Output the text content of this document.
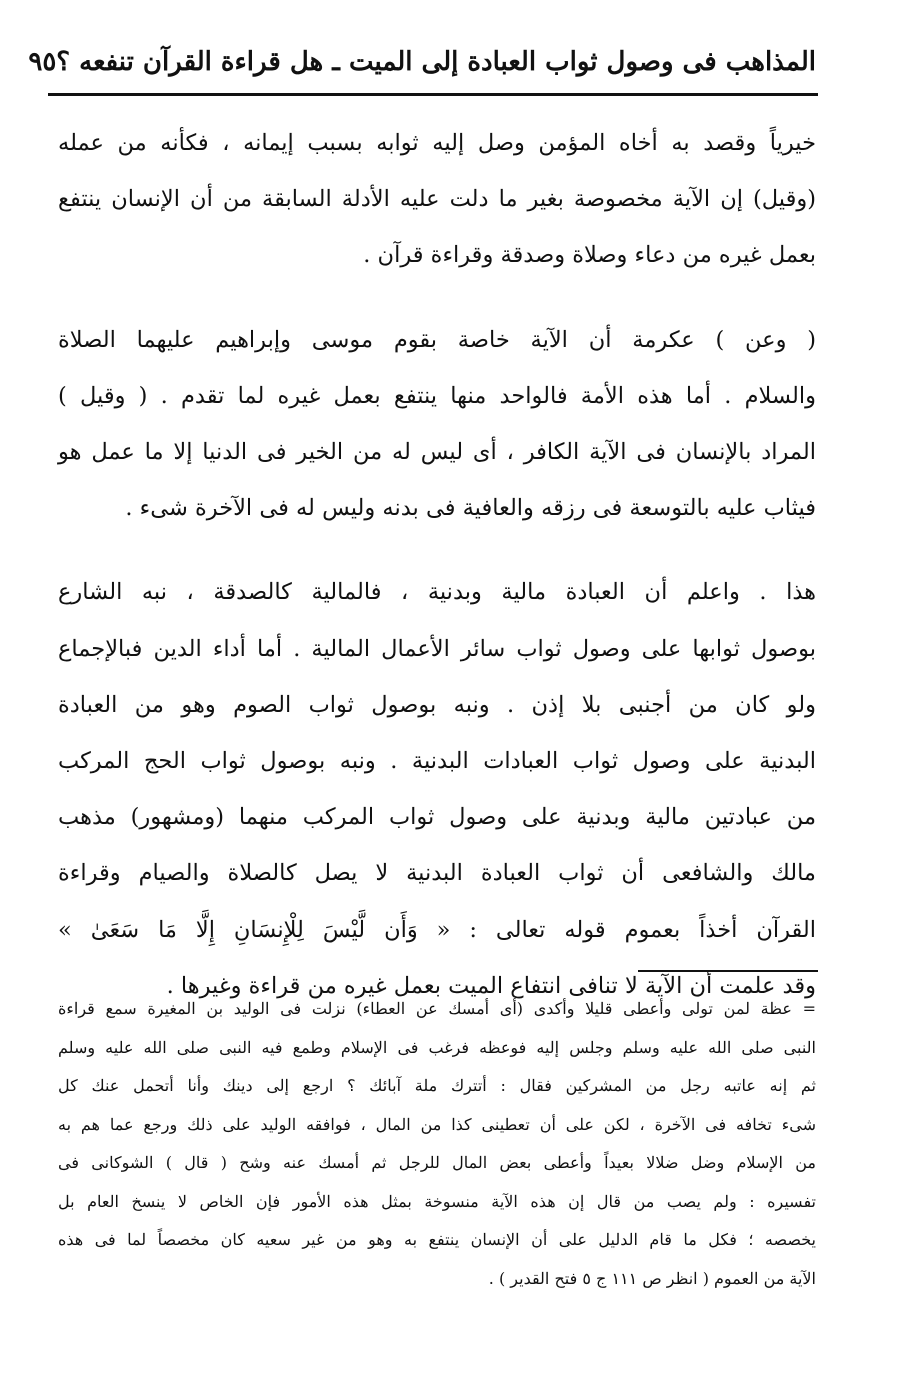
المذاهب فى وصول ثواب العبادة إلى الميت ـ هل قراءة القرآن تنفعه ؟
٩٥
خيرياً وقصد به أخاه المؤمن وصل إليه ثوابه بسبب إيمانه ، فكأنه من عمله
(وقيل) إن الآية مخصوصة بغير ما دلت عليه الأدلة السابقة من أن الإنسان ينتفع
بعمل غيره من دعاء وصلاة وصدقة وقراءة قرآن .
( وعن ) عكرمة أن الآية خاصة بقوم موسى وإبراهيم عليهما الصلاة
والسلام . أما هذه الأمة فالواحد منها ينتفع بعمل غيره لما تقدم . ( وقيل )
المراد بالإنسان فى الآية الكافر ، أى ليس له من الخير فى الدنيا إلا ما عمل هو
فيثاب عليه بالتوسعة فى رزقه والعافية فى بدنه وليس له فى الآخرة شىء .
هذا . واعلم أن العبادة مالية وبدنية ، فالمالية كالصدقة ، نبه الشارع
بوصول ثوابها على وصول ثواب سائر الأعمال المالية . أما أداء الدين فبالإجماع
ولو كان من أجنبى بلا إذن . ونبه بوصول ثواب الصوم وهو من العبادة
البدنية على وصول ثواب العبادات البدنية . ونبه بوصول ثواب الحج المركب
من عبادتين مالية وبدنية على وصول ثواب المركب منهما (ومشهور) مذهب
مالك والشافعى أن ثواب العبادة البدنية لا يصل كالصلاة والصيام وقراءة
القرآن أخذاً بعموم قوله تعالى : « وَأَن لَّيْسَ لِلْإِنسَانِ إِلَّا مَا سَعَىٰ »
وقد علمت أن الآية لا تنافى انتفاع الميت بعمل غيره من قراءة وغيرها .
= عظة لمن تولى وأعطى قليلا وأكدى (أى أمسك عن العطاء) نزلت فى الوليد بن المغيرة سمع قراءة
النبى صلى الله عليه وسلم وجلس إليه فوعظه فرغب فى الإسلام وطمع فيه النبى صلى الله عليه وسلم
ثم إنه عاتبه رجل من المشركين فقال : أتترك ملة آبائك ؟ ارجع إلى دينك وأنا أتحمل عنك كل
شىء تخافه فى الآخرة ، لكن على أن تعطينى كذا من المال ، فوافقه الوليد على ذلك ورجع عما هم به
من الإسلام وضل ضلالا بعيداً وأعطى بعض المال للرجل ثم أمسك عنه وشح ( قال ) الشوكانى فى
تفسيره : ولم يصب من قال إن هذه الآية منسوخة بمثل هذه الأمور فإن الخاص لا ينسخ العام بل
يخصصه ؛ فكل ما قام الدليل على أن الإنسان ينتفع به وهو من غير سعيه كان مخصصاً لما فى هذه
الآية من العموم ( انظر ص ١١١ ج ٥ فتح القدير ) .
